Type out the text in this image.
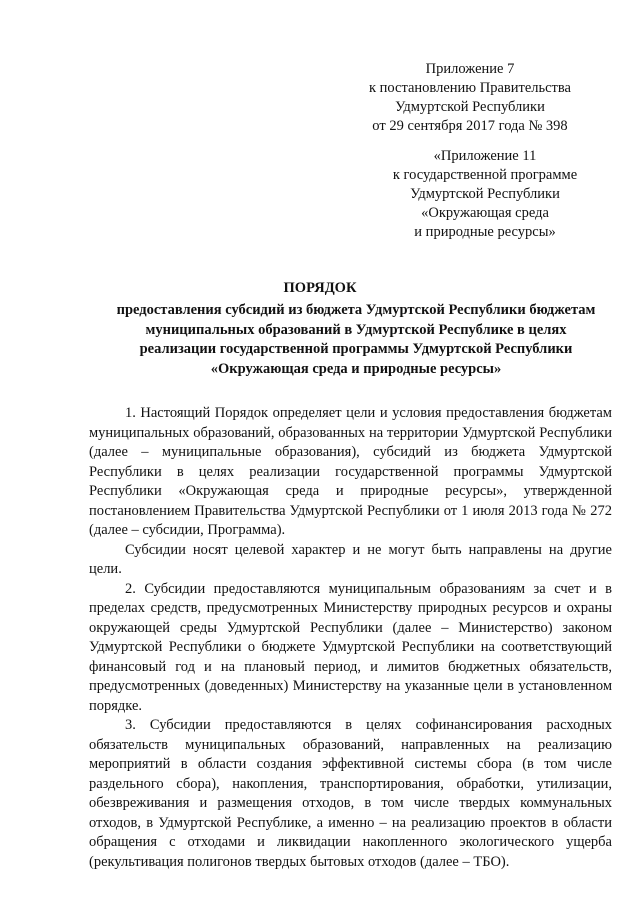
Приложение 7
к постановлению Правительства
Удмуртской Республики
от 29 сентября 2017 года № 398
«Приложение 11
к государственной программе
Удмуртской Республики
«Окружающая среда
и природные ресурсы»
ПОРЯДОК
предоставления субсидий из бюджета Удмуртской Республики бюджетам
муниципальных образований в Удмуртской Республике в целях
реализации государственной программы Удмуртской Республики
«Окружающая среда и природные ресурсы»

1. Настоящий Порядок определяет цели и условия предоставления бюджетам муниципальных образований, образованных на территории Удмуртской Республики (далее – муниципальные образования), субсидий из бюджета Удмуртской Республики в целях реализации государственной программы Удмуртской Республики «Окружающая среда и природные ресурсы», утвержденной постановлением Правительства Удмуртской Республики от 1 июля 2013 года № 272 (далее – субсидии, Программа).

Субсидии носят целевой характер и не могут быть направлены на другие цели.

2. Субсидии предоставляются муниципальным образованиям за счет и в пределах средств, предусмотренных Министерству природных ресурсов и охраны окружающей среды Удмуртской Республики (далее – Министерство) законом Удмуртской Республики о бюджете Удмуртской Республики на соответствующий финансовый год и на плановый период, и лимитов бюджетных обязательств, предусмотренных (доведенных) Министерству на указанные цели в установленном порядке.

3. Субсидии предоставляются в целях софинансирования расходных обязательств муниципальных образований, направленных на реализацию мероприятий в области создания эффективной системы сбора (в том числе раздельного сбора), накопления, транспортирования, обработки, утилизации, обезвреживания и размещения отходов, в том числе твердых коммунальных отходов, в Удмуртской Республике, а именно – на реализацию проектов в области обращения с отходами и ликвидации накопленного экологического ущерба (рекультивация полигонов твердых бытовых отходов (далее – ТБО).
